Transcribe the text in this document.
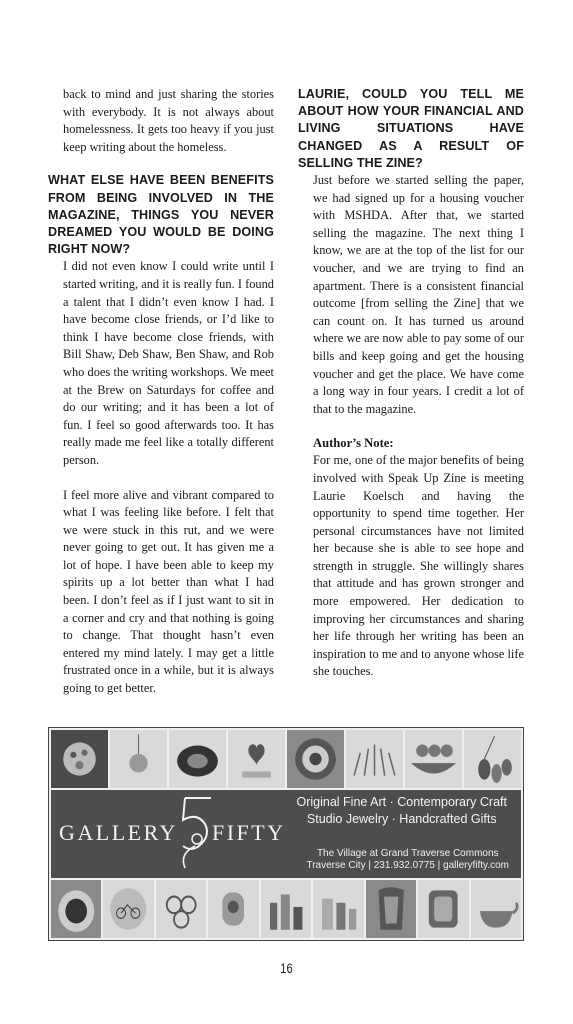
back to mind and just sharing the stories with everybody. It is not always about homelessness. It gets too heavy if you just keep writing about the homeless.

WHAT ELSE HAVE BEEN BENEFITS FROM BEING INVOLVED IN THE MAGAZINE, THINGS YOU NEVER DREAMED YOU WOULD BE DOING RIGHT NOW?

I did not even know I could write until I started writing, and it is really fun. I found a talent that I didn’t even know I had. I have become close friends, or I’d like to think I have become close friends, with Bill Shaw, Deb Shaw, Ben Shaw, and Rob who does the writing workshops. We meet at the Brew on Saturdays for coffee and do our writing; and it has been a lot of fun. I feel so good afterwards too. It has really made me feel like a totally different person.

I feel more alive and vibrant compared to what I was feeling like before. I felt that we were stuck in this rut, and we were never going to get out. It has given me a lot of hope. I have been able to keep my spirits up a lot better than what I had been. I don’t feel as if I just want to sit in a corner and cry and that nothing is going to change. That thought hasn’t even entered my mind lately. I may get a little frustrated once in a while, but it is always going to get better.

LAURIE, COULD YOU TELL ME ABOUT HOW YOUR FINANCIAL AND LIVING SITUATIONS HAVE CHANGED AS A RESULT OF SELLING THE ZINE?

Just before we started selling the paper, we had signed up for a housing voucher with MSHDA. After that, we started selling the magazine. The next thing I know, we are at the top of the list for our voucher, and we are trying to find an apartment. There is a consistent financial outcome [from selling the Zine] that we can count on. It has turned us around where we are now able to pay some of our bills and keep going and get the housing voucher and get the place. We have come a long way in four years. I credit a lot of that to the magazine.

Author’s Note:

For me, one of the major benefits of being involved with Speak Up Zine is meeting Laurie Koelsch and having the opportunity to spend time together. Her personal circumstances have not limited her because she is able to see hope and strength in struggle. She willingly shares that attitude and has grown stronger and more empowered. Her dedication to improving her circumstances and sharing her life through her writing has been an inspiration to me and to anyone whose life she touches.

GALLERY FIFTY
Original Fine Art · Contemporary Craft
Studio Jewelry · Handcrafted Gifts
The Village at Grand Traverse Commons
Traverse City | 231.932.0775 | galleryfifty.com
16
